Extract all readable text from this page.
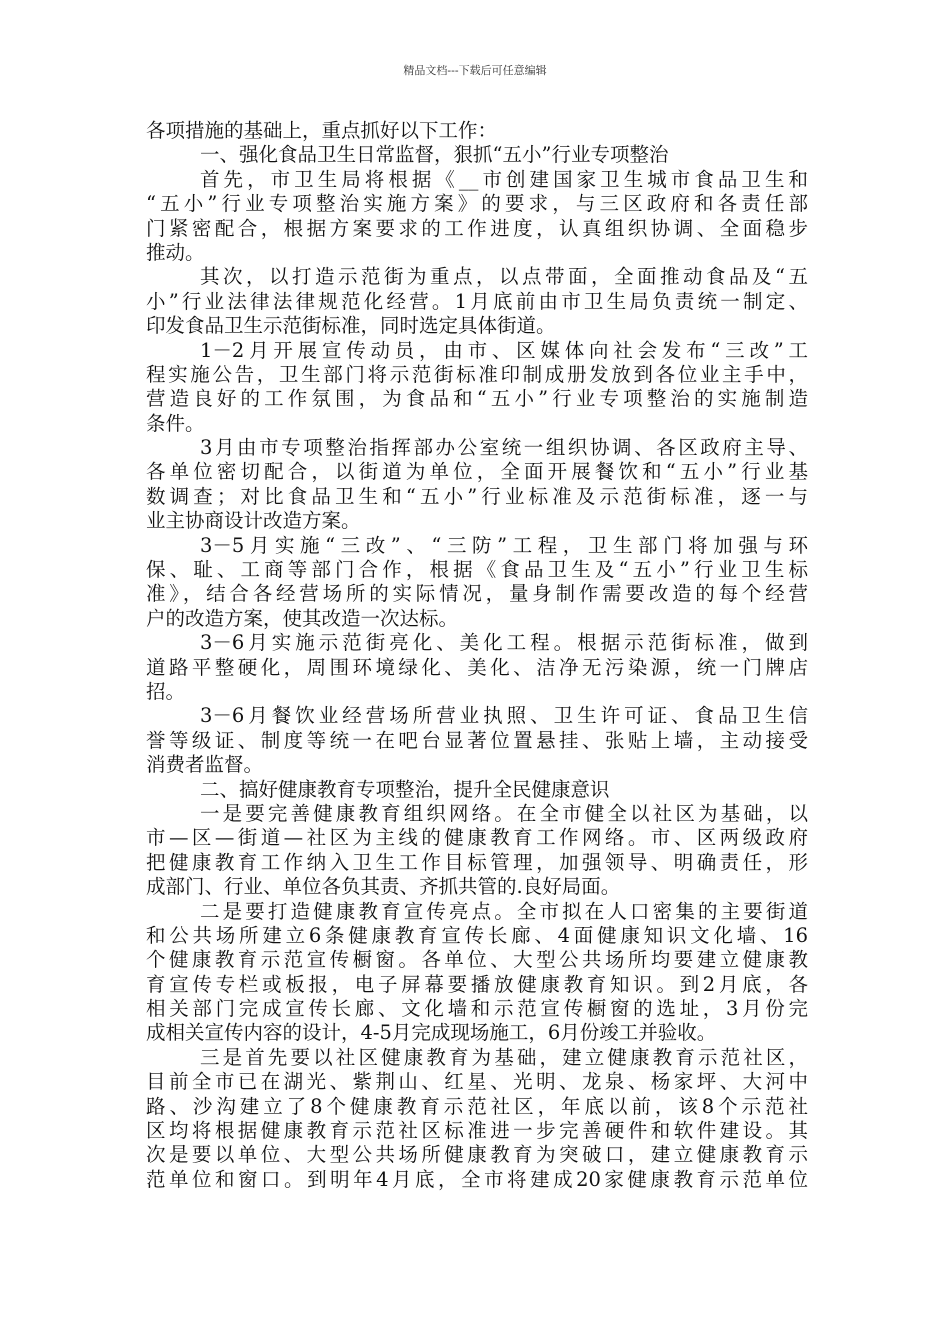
精品文档---下载后可任意编辑
各项措施的基础上，重点抓好以下工作：
一、强化食品卫生日常监督，狠抓“五小”行业专项整治
首先，市卫生局将根据《__市创建国家卫生城市食品卫生和
“五小”行业专项整治实施方案》的要求，与三区政府和各责任部
门紧密配合，根据方案要求的工作进度，认真组织协调、全面稳步
推动。
其次，以打造示范街为重点，以点带面，全面推动食品及“五
小”行业法律法律规范化经营。1月底前由市卫生局负责统一制定、
印发食品卫生示范街标准，同时选定具体街道。
1－2月开展宣传动员，由市、区媒体向社会发布“三改”工
程实施公告，卫生部门将示范街标准印制成册发放到各位业主手中，
营造良好的工作氛围，为食品和“五小”行业专项整治的实施制造
条件。
3月由市专项整治指挥部办公室统一组织协调、各区政府主导、
各单位密切配合，以街道为单位，全面开展餐饮和“五小”行业基
数调查；对比食品卫生和“五小”行业标准及示范街标准，逐一与
业主协商设计改造方案。
3－5月实施“三改”、“三防”工程，卫生部门将加强与环
保、耻、工商等部门合作，根据《食品卫生及“五小”行业卫生标
准》，结合各经营场所的实际情况，量身制作需要改造的每个经营
户的改造方案，使其改造一次达标。
3－6月实施示范街亮化、美化工程。根据示范街标准，做到
道路平整硬化，周围环境绿化、美化、洁净无污染源，统一门牌店
招。
3－6月餐饮业经营场所营业执照、卫生许可证、食品卫生信
誉等级证、制度等统一在吧台显著位置悬挂、张贴上墙，主动接受
消费者监督。
二、搞好健康教育专项整治，提升全民健康意识
一是要完善健康教育组织网络。在全市健全以社区为基础，以
市—区—街道—社区为主线的健康教育工作网络。市、区两级政府
把健康教育工作纳入卫生工作目标管理，加强领导、明确责任，形
成部门、行业、单位各负其责、齐抓共管的.良好局面。
二是要打造健康教育宣传亮点。全市拟在人口密集的主要街道
和公共场所建立6条健康教育宣传长廊、4面健康知识文化墙、16
个健康教育示范宣传橱窗。各单位、大型公共场所均要建立健康教
育宣传专栏或板报，电子屏幕要播放健康教育知识。到2月底，各
相关部门完成宣传长廊、文化墙和示范宣传橱窗的选址，3月份完
成相关宣传内容的设计，4-5月完成现场施工，6月份竣工并验收。
三是首先要以社区健康教育为基础，建立健康教育示范社区，
目前全市已在湖光、紫荆山、红星、光明、龙泉、杨家坪、大河中
路、沙沟建立了8个健康教育示范社区，年底以前，该8个示范社
区均将根据健康教育示范社区标准进一步完善硬件和软件建设。其
次是要以单位、大型公共场所健康教育为突破口，建立健康教育示
范单位和窗口。到明年4月底，全市将建成20家健康教育示范单位
